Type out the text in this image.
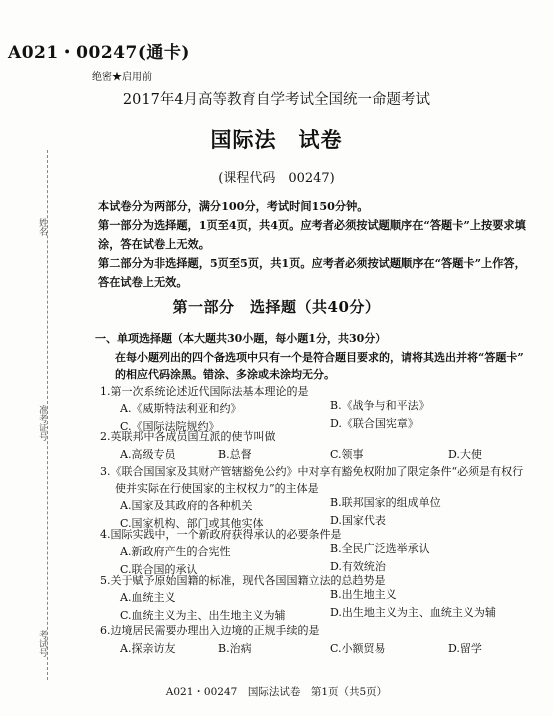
姓名
准考证号
考试号
A021・00247(通卡)
绝密★启用前
2017年4月高等教育自学考试全国统一命题考试
国际法　试卷
(课程代码　00247)
本试卷分为两部分，满分100分，考试时间150分钟。
第一部分为选择题，1页至4页，共4页。应考者必须按试题顺序在“答题卡”上按要求填
涂，答在试卷上无效。
第二部分为非选择题，5页至5页，共1页。应考者必须按试题顺序在“答题卡”上作答，
答在试卷上无效。
第一部分　选择题（共40分）
一、单项选择题（本大题共30小题，每小题1分，共30分）
在每小题列出的四个备选项中只有一个是符合题目要求的，请将其选出并将“答题卡”
的相应代码涂黑。错涂、多涂或未涂均无分。
1.第一次系统论述近代国际法基本理论的是
A.《威斯特法利亚和约》	B.《战争与和平法》
C.《国际法院规约》	D.《联合国宪章》
2.英联邦中各成员国互派的使节叫做
A.高级专员	B.总督	C.领事	D.大使
3.《联合国国家及其财产管辖豁免公约》中对享有豁免权附加了限定条件“必须是有权行
使并实际在行使国家的主权权力”的主体是
A.国家及其政府的各种机关	B.联邦国家的组成单位
C.国家机构、部门或其他实体	D.国家代表
4.国际实践中，一个新政府获得承认的必要条件是
A.新政府产生的合宪性	B.全民广泛选举承认
C.联合国的承认	D.有效统治
5.关于赋予原始国籍的标准，现代各国国籍立法的总趋势是
A.血统主义	B.出生地主义
C.血统主义为主、出生地主义为辅	D.出生地主义为主、血统主义为辅
6.边境居民需要办理出入边境的正规手续的是
A.探亲访友	B.治病	C.小额贸易	D.留学
A021・00247　国际法试卷　第1页（共5页）
